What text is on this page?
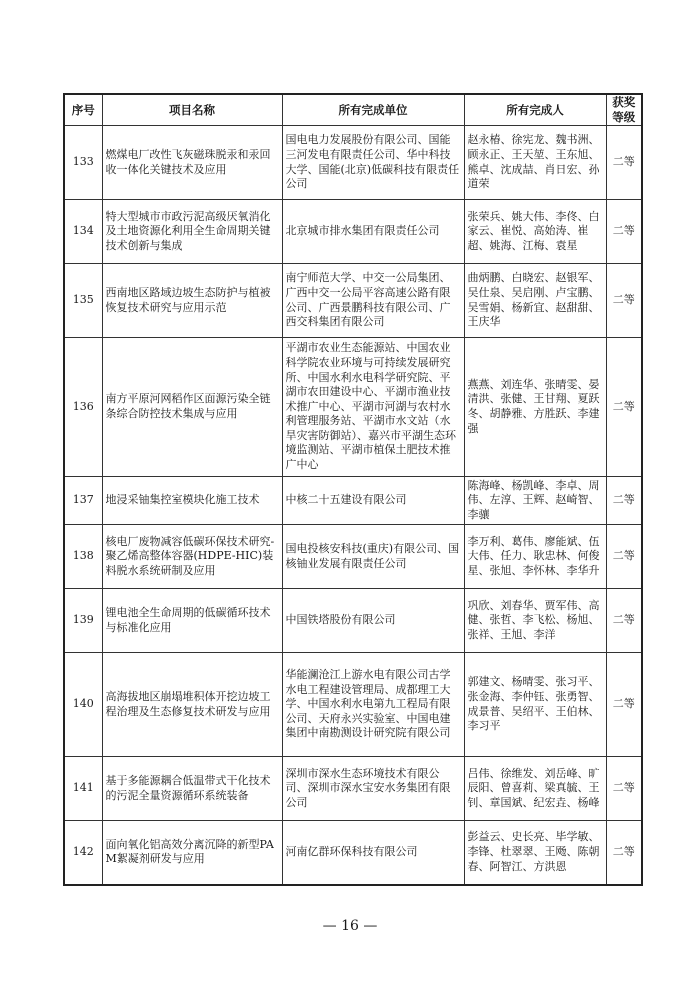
序号	项目名称	所有完成单位	所有完成人	获奖
等级
133	燃煤电厂改性飞灰磁珠脱汞和汞回收一体化关键技术及应用	国电电力发展股份有限公司、国能三河发电有限责任公司、华中科技大学、国能(北京)低碳科技有限责任公司	赵永椿、徐宪龙、魏书洲、顾永正、王天堃、王东旭、熊卓、沈成喆、肖日宏、孙道荣	二等
134	特大型城市市政污泥高级厌氧消化及土地资源化利用全生命周期关键技术创新与集成	北京城市排水集团有限责任公司	张荣兵、姚大伟、李佟、白家云、崔悦、高始涛、崔超、姚海、江梅、袁星	二等
135	西南地区路域边坡生态防护与植被恢复技术研究与应用示范	南宁师范大学、中交一公局集团、广西中交一公局平容高速公路有限公司、广西景鹏科技有限公司、广西交科集团有限公司	曲炳鹏、白晓宏、赵银军、吴仕泉、吴启刚、卢宝鹏、吴雪娟、杨新宜、赵甜甜、王庆华	二等
136	南方平原河网稻作区面源污染全链条综合防控技术集成与应用	平湖市农业生态能源站、中国农业科学院农业环境与可持续发展研究所、中国水利水电科学研究院、平湖市农田建设中心、平湖市渔业技术推广中心、平湖市河湖与农村水利管理服务站、平湖市水文站（水旱灾害防御站）、嘉兴市平湖生态环境监测站、平湖市植保土肥技术推广中心	燕燕、刘连华、张晴雯、晏清洪、张健、王甘翔、夏跃冬、胡静雅、方胜跃、李建强	二等
137	地浸采铀集控室模块化施工技术	中核二十五建设有限公司	陈海峰、杨凯峰、李卓、周伟、左淳、王辉、赵崎智、李骧	二等
138	核电厂废物减容低碳环保技术研究-聚乙烯高整体容器(HDPE-HIC)装料脱水系统研制及应用	国电投核安科技(重庆)有限公司、国核铀业发展有限责任公司	李万利、葛伟、廖能斌、伍大伟、任力、耿忠林、何俊星、张旭、李怀林、李华升	二等
139	锂电池全生命周期的低碳循环技术与标准化应用	中国铁塔股份有限公司	巩欣、刘春华、贾军伟、高健、张哲、李飞松、杨旭、张祥、王旭、李洋	二等
140	高海拔地区崩塌堆积体开挖边坡工程治理及生态修复技术研发与应用	华能澜沧江上游水电有限公司古学水电工程建设管理局、成都理工大学、中国水利水电第九工程局有限公司、天府永兴实验室、中国电建集团中南勘测设计研究院有限公司	郭建文、杨晴雯、张习平、张金海、李仲钰、张勇智、成景普、吴绍平、王伯林、李习平	二等
141	基于多能源耦合低温带式干化技术的污泥全量资源循环系统装备	深圳市深水生态环境技术有限公司、深圳市深水宝安水务集团有限公司	吕伟、徐维发、刘岳峰、旷辰阳、曾喜莉、梁真毓、王钊、章国斌、纪宏垚、杨峰	二等
142	面向氧化铝高效分离沉降的新型PAM絮凝剂研发与应用	河南亿群环保科技有限公司	彭益云、史长亮、毕学敏、李锋、杜翠翠、王飏、陈朝春、阿智江、方洪恩	二等
— 16 —
